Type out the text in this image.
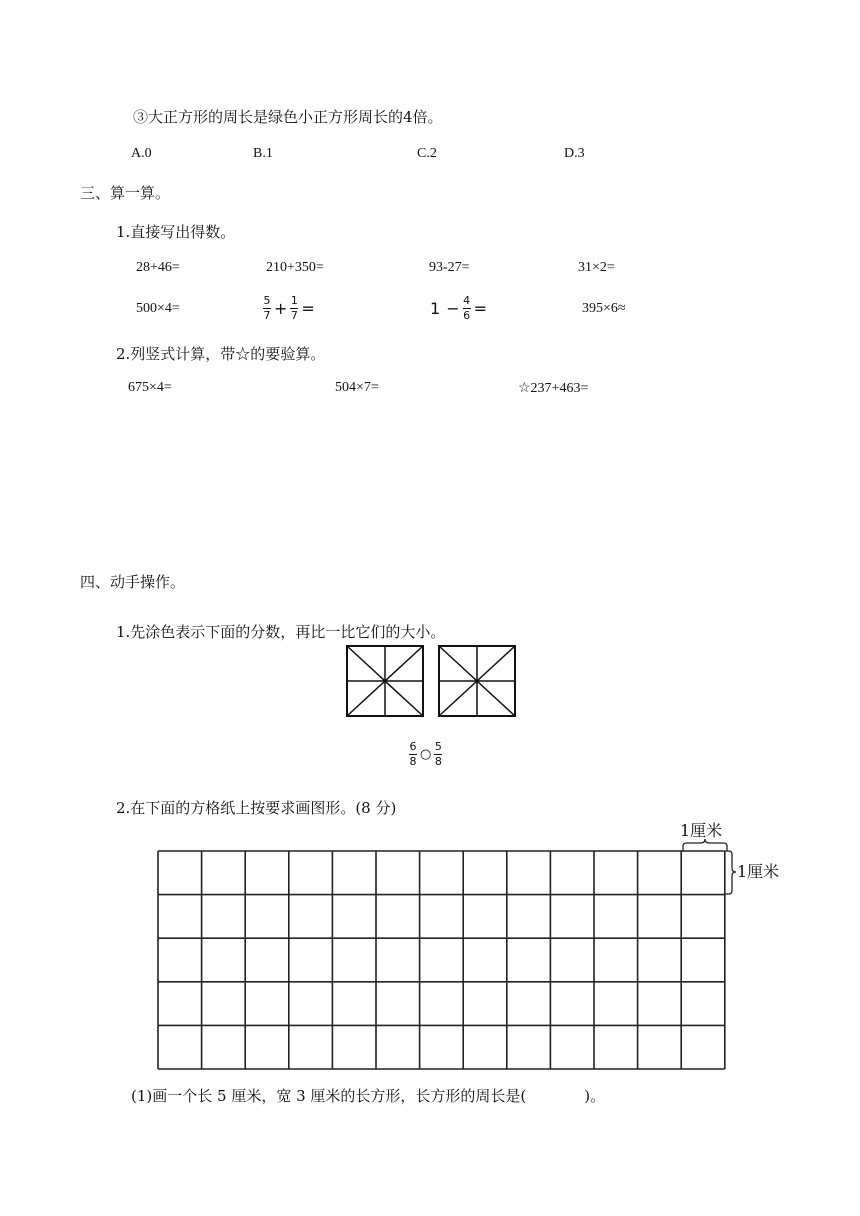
③大正方形的周长是绿色小正方形周长的4倍。
A.0	B.1	C.2	D.3
三、算一算。
1.直接写出得数。
28+46=	210+350=	93-27=	31×2=
500×4=	$\frac{5}{7} + \frac{1}{7}$ =	$1 - \frac{4}{6}$ =	395×6≈
2.列竖式计算，带☆的要验算。
675×4=	504×7=	☆237+463=
四、动手操作。
1.先涂色表示下面的分数，再比一比它们的大小。
$\frac{6}{8}$ ○ $\frac{5}{8}$
2.在下面的方格纸上按要求画图形。(8 分)
1厘米
1厘米
(1)画一个长 5 厘米，宽 3 厘米的长方形，长方形的周长是(	)。
